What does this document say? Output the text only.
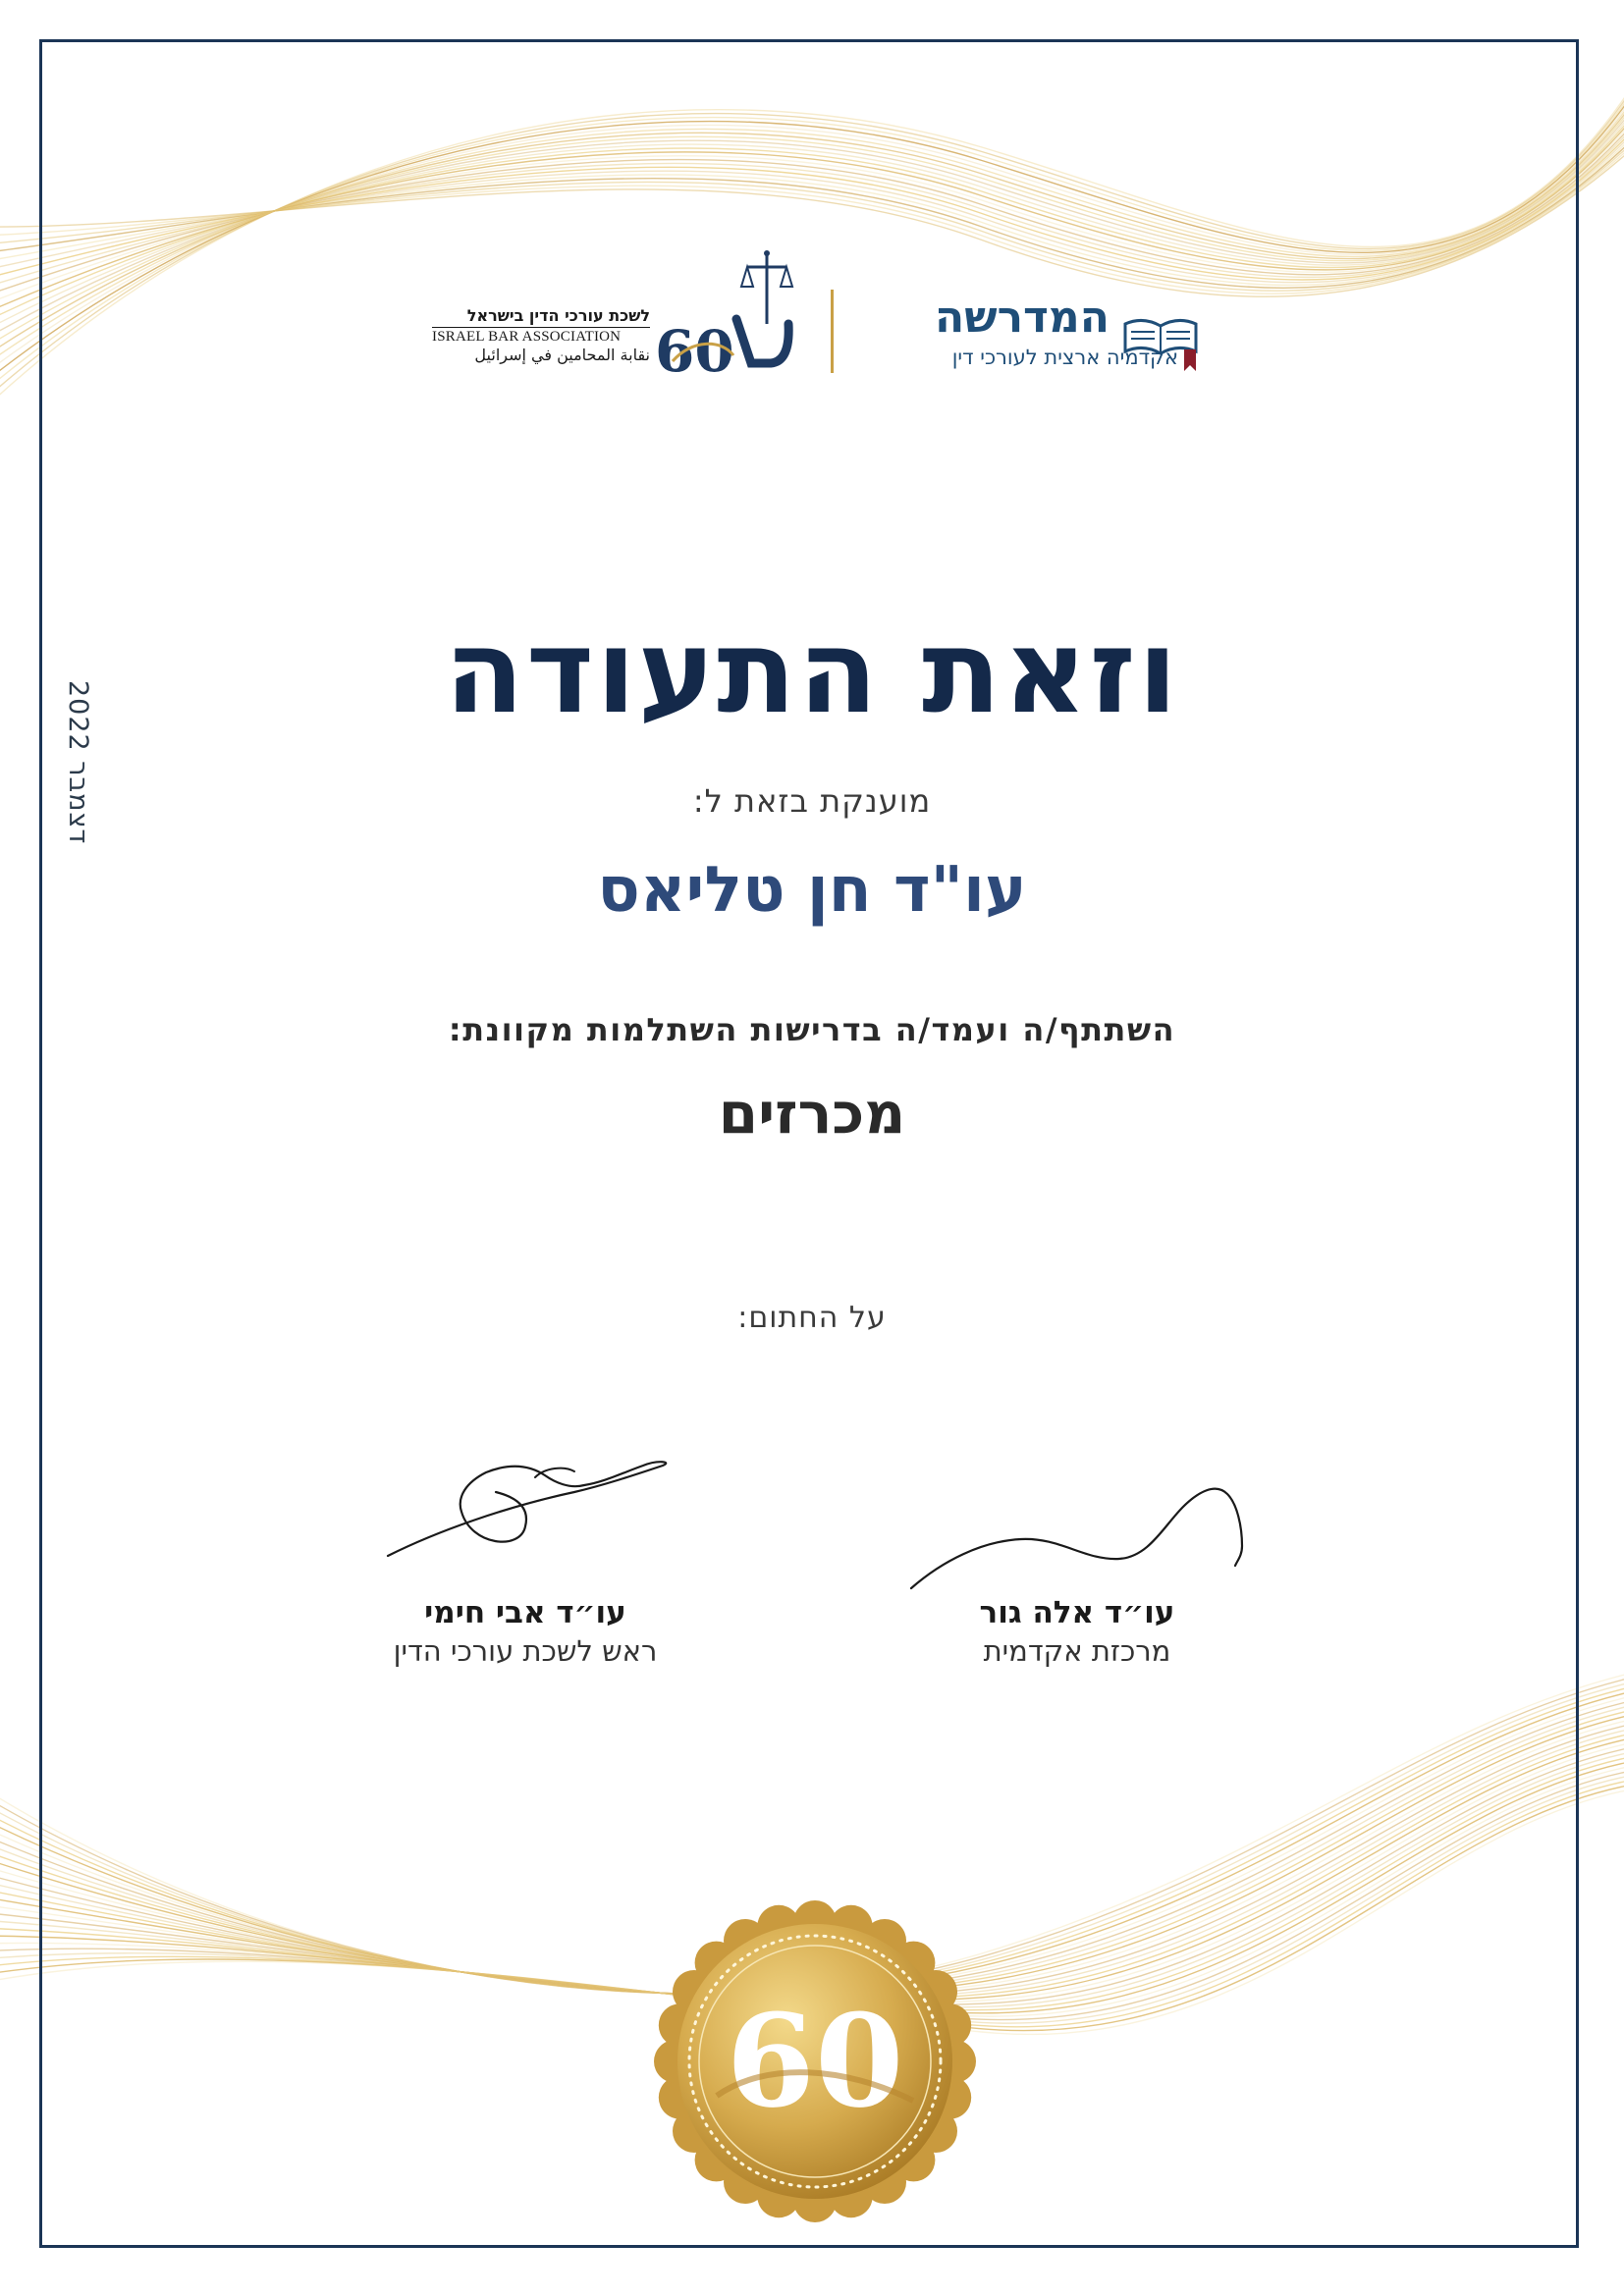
לשכת עורכי הדין בישראל
ISRAEL BAR ASSOCIATION
نقابة المحامين في إسرائيل 60
המדרשה
אקדמיה ארצית לעורכי דין
דצמבר 2022
וזאת התעודה
מוענקת בזאת ל:
עו"ד חן טליאס
השתתף/ה ועמד/ה בדרישות השתלמות מקוונת:
מכרזים
על החתום:
עו״ד אבי חימי
ראש לשכת עורכי הדין
עו״ד אלה גור
מרכזת אקדמית
60
